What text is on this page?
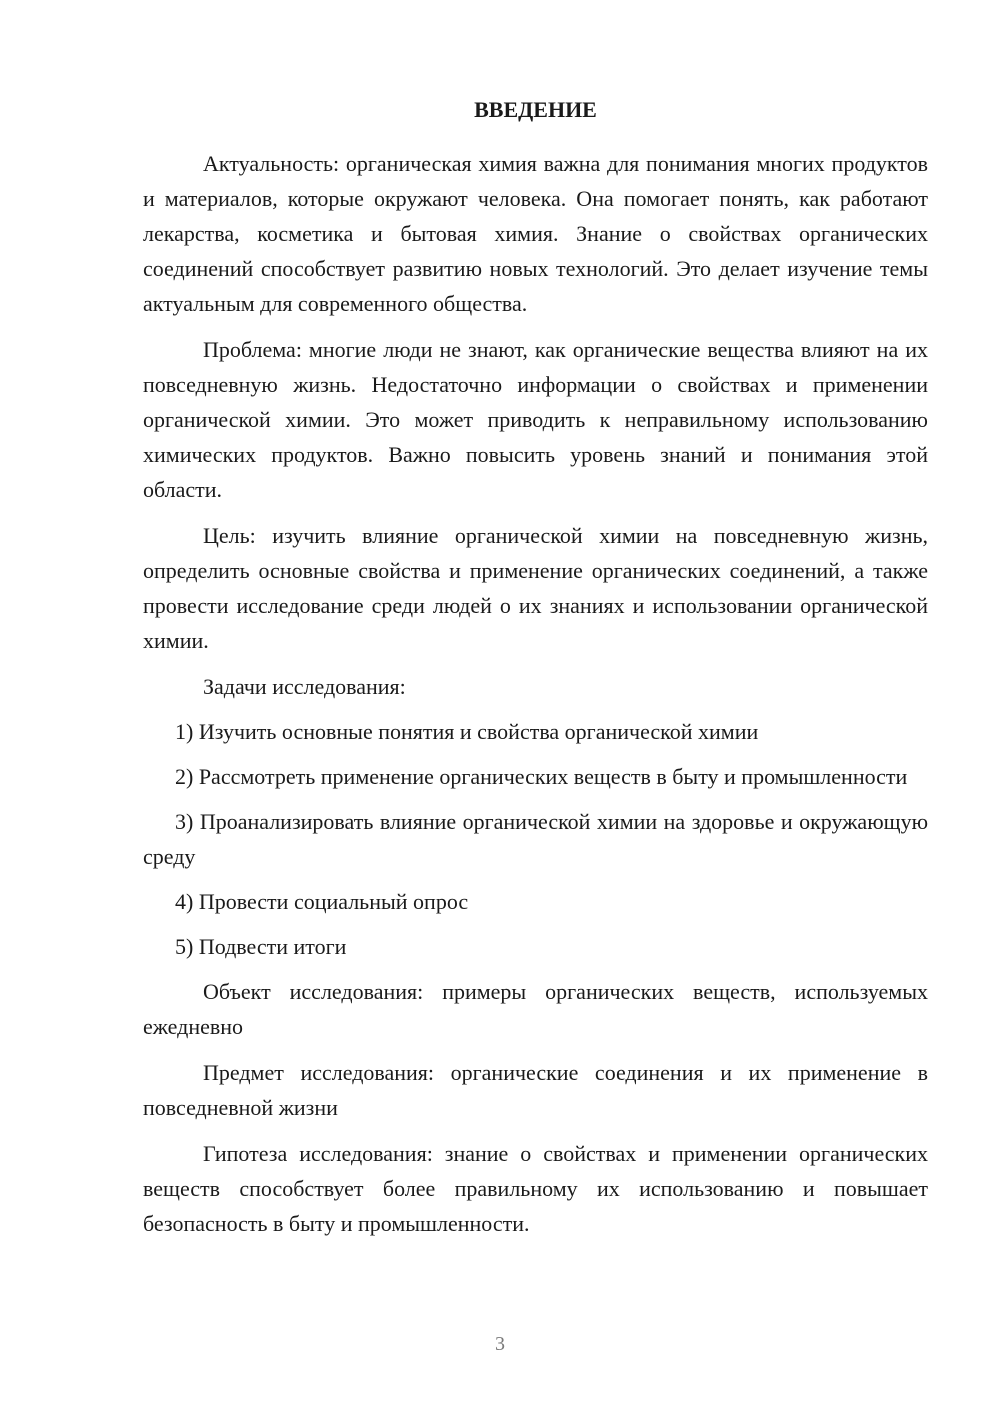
ВВЕДЕНИЕ

Актуальность: органическая химия важна для понимания многих продуктов и материалов, которые окружают человека. Она помогает понять, как работают лекарства, косметика и бытовая химия. Знание о свойствах органических соединений способствует развитию новых технологий. Это делает изучение темы актуальным для современного общества.

Проблема: многие люди не знают, как органические вещества влияют на их повседневную жизнь. Недостаточно информации о свойствах и применении органической химии. Это может приводить к неправильному использованию химических продуктов. Важно повысить уровень знаний и понимания этой области.

Цель: изучить влияние органической химии на повседневную жизнь, определить основные свойства и применение органических соединений, а также провести исследование среди людей о их знаниях и использовании органической химии.

Задачи исследования:

1) Изучить основные понятия и свойства органической химии

2) Рассмотреть применение органических веществ в быту и промышленности

3) Проанализировать влияние органической химии на здоровье и окружающую среду

4) Провести социальный опрос

5) Подвести итоги

Объект исследования: примеры органических веществ, используемых ежедневно

Предмет исследования: органические соединения и их применение в повседневной жизни

Гипотеза исследования: знание о свойствах и применении органических веществ способствует более правильному их использованию и повышает безопасность в быту и промышленности.

3
